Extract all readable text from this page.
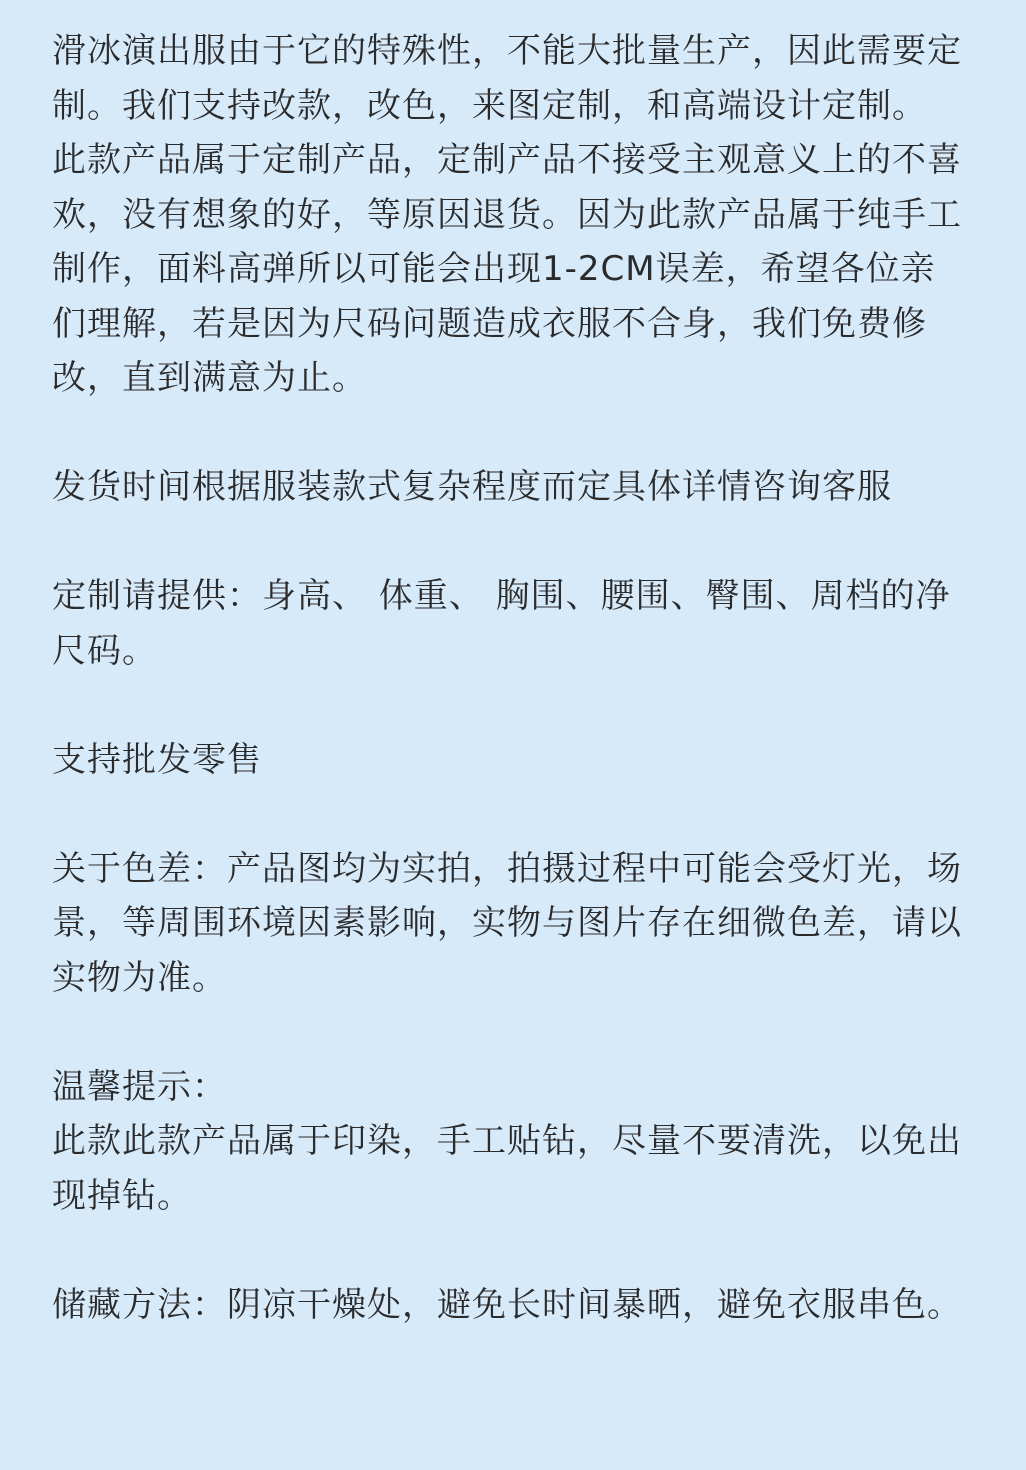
滑冰演出服由于它的特殊性，不能大批量生产，因此需要定制。我们支持改款，改色，来图定制，和高端设计定制。

此款产品属于定制产品，定制产品不接受主观意义上的不喜欢，没有想象的好，等原因退货。因为此款产品属于纯手工制作，面料高弹所以可能会出现1-2CM误差，希望各位亲们理解，若是因为尺码问题造成衣服不合身，我们免费修改，直到满意为止。

发货时间根据服装款式复杂程度而定具体详情咨询客服

定制请提供：身高、 体重、 胸围、腰围、臀围、周档的净尺码。

支持批发零售

关于色差：产品图均为实拍，拍摄过程中可能会受灯光，场景，等周围环境因素影响，实物与图片存在细微色差，请以实物为准。

温馨提示：

此款此款产品属于印染，手工贴钻，尽量不要清洗，以免出现掉钻。

储藏方法：阴凉干燥处，避免长时间暴晒，避免衣服串色。
